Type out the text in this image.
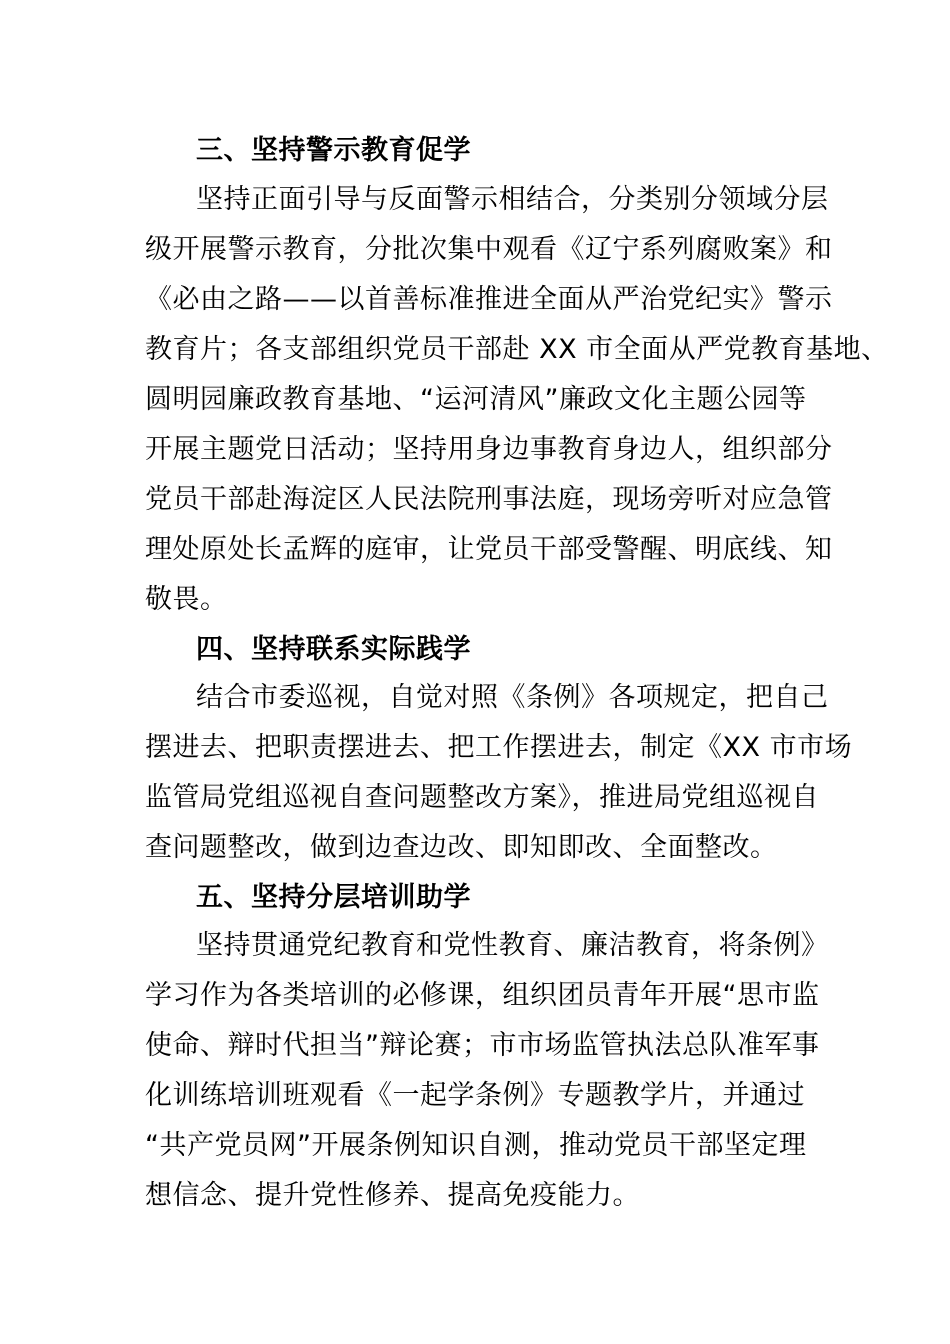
三、坚持警示教育促学

坚持正面引导与反面警示相结合，分类别分领域分层

级开展警示教育，分批次集中观看《辽宁系列腐败案》和

《必由之路——以首善标准推进全面从严治党纪实》警示

教育片；各支部组织党员干部赴 XX 市全面从严党教育基地、

圆明园廉政教育基地、“运河清风”廉政文化主题公园等

开展主题党日活动；坚持用身边事教育身边人，组织部分

党员干部赴海淀区人民法院刑事法庭，现场旁听对应急管

理处原处长孟辉的庭审，让党员干部受警醒、明底线、知

敬畏。

四、坚持联系实际践学

结合市委巡视，自觉对照《条例》各项规定，把自己

摆进去、把职责摆进去、把工作摆进去，制定《XX 市市场

监管局党组巡视自查问题整改方案》，推进局党组巡视自

查问题整改，做到边查边改、即知即改、全面整改。

五、坚持分层培训助学

坚持贯通党纪教育和党性教育、廉洁教育，将条例》

学习作为各类培训的必修课，组织团员青年开展“思市监

使命、辩时代担当”辩论赛；市市场监管执法总队准军事

化训练培训班观看《一起学条例》专题教学片，并通过

“共产党员网”开展条例知识自测，推动党员干部坚定理

想信念、提升党性修养、提高免疫能力。
